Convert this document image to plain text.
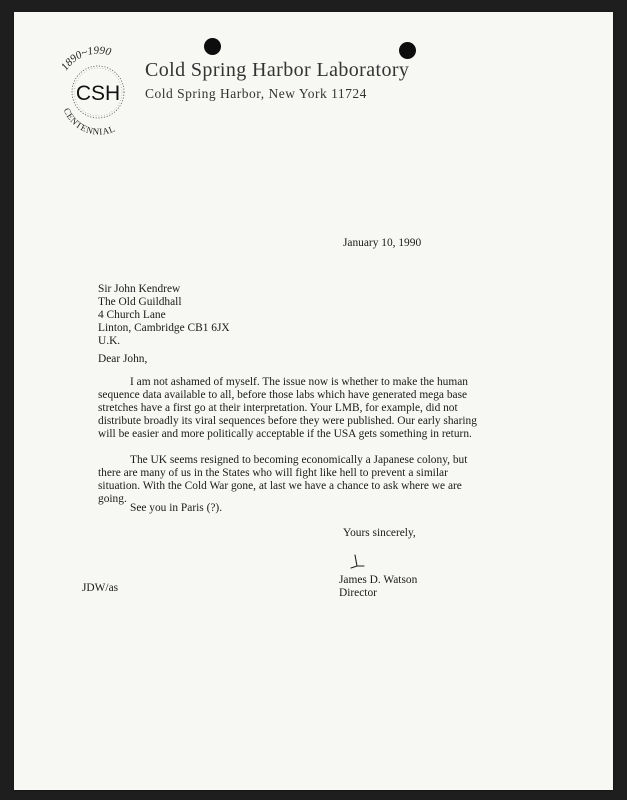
1890~1990
CSH
CENTENNIAL
Cold Spring Harbor Laboratory
Cold Spring Harbor, New York 11724
January 10, 1990
Sir John Kendrew
The Old Guildhall
4 Church Lane
Linton, Cambridge CB1 6JX
U.K.
Dear John,
I am not ashamed of myself. The issue now is whether to make the human
sequence data available to all, before those labs which have generated mega base
stretches have a first go at their interpretation. Your LMB, for example, did not
distribute broadly its viral sequences before they were published. Our early sharing
will be easier and more politically acceptable if the USA gets something in return.
The UK seems resigned to becoming economically a Japanese colony, but
there are many of us in the States who will fight like hell to prevent a similar
situation. With the Cold War gone, at last we have a chance to ask where we are
going.
See you in Paris (?).
Yours sincerely,
James D. Watson
Director
JDW/as
